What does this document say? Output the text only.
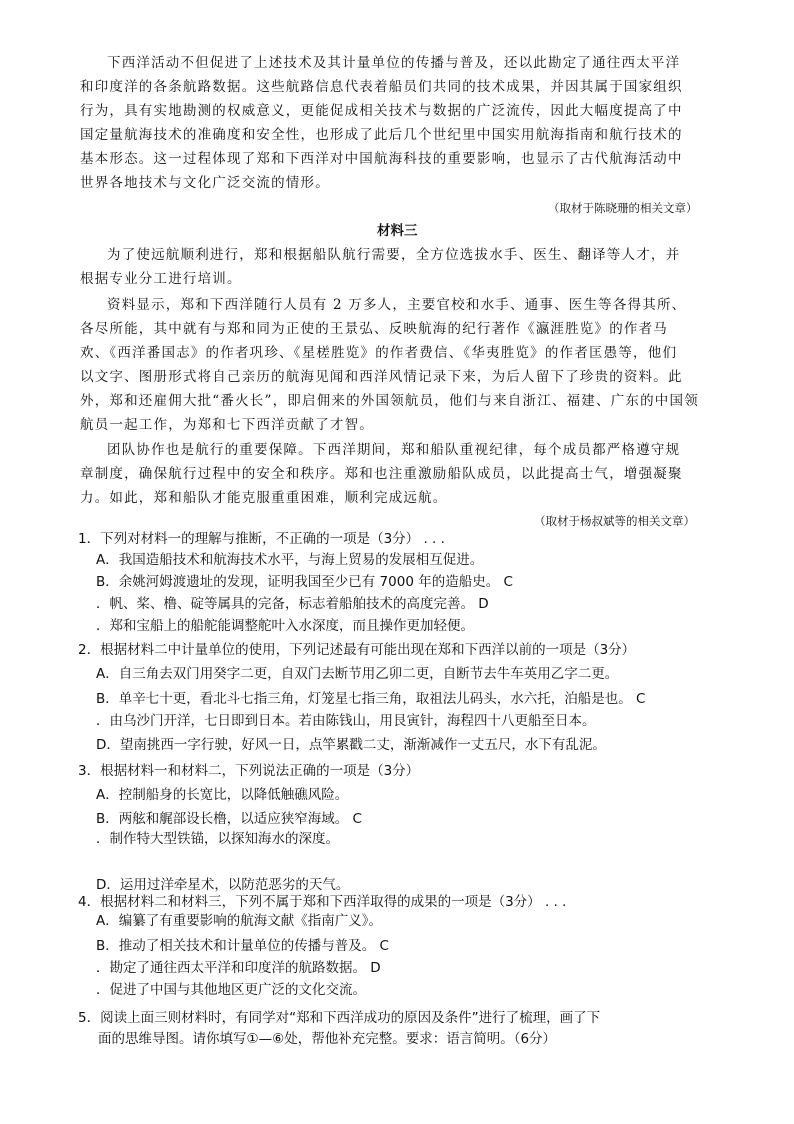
下西洋活动不但促进了上述技术及其计量单位的传播与普及，还以此勘定了通往西太平洋
和印度洋的各条航路数据。这些航路信息代表着船员们共同的技术成果，并因其属于国家组织
行为，具有实地勘测的权威意义，更能促成相关技术与数据的广泛流传，因此大幅度提高了中
国定量航海技术的准确度和安全性，也形成了此后几个世纪里中国实用航海指南和航行技术的
基本形态。这一过程体现了郑和下西洋对中国航海科技的重要影响，也显示了古代航海活动中
世界各地技术与文化广泛交流的情形。
（取材于陈晓珊的相关文章）
材料三
为了使远航顺利进行，郑和根据船队航行需要，全方位选拔水手、医生、翻译等人才，并
根据专业分工进行培训。
资料显示，郑和下西洋随行人员有 2 万多人，主要官校和水手、通事、医生等各得其所、
各尽所能，其中就有与郑和同为正使的王景弘、反映航海的纪行著作《瀛涯胜览》的作者马
欢、《西洋番国志》的作者巩珍、《星槎胜览》的作者费信、《华夷胜览》的作者匡愚等，他们
以文字、图册形式将自己亲历的航海见闻和西洋风情记录下来，为后人留下了珍贵的资料。此
外，郑和还雇佣大批“番火长”，即启佣来的外国领航员，他们与来自浙江、福建、广东的中国领
航员一起工作，为郑和七下西洋贡献了才智。
团队协作也是航行的重要保障。下西洋期间，郑和船队重视纪律，每个成员都严格遵守规
章制度，确保航行过程中的安全和秩序。郑和也注重激励船队成员，以此提高士气，增强凝聚
力。如此，郑和船队才能克服重重困难，顺利完成远航。
（取材于杨叔斌等的相关文章）
1．下列对材料一的理解与推断，不正确的一项是（3分） . . .
A．我国造船技术和航海技术水平，与海上贸易的发展相互促进。
B．余姚河姆渡遗址的发现，证明我国至少已有 7000 年的造船史。 C
．帆、桨、橹、碇等属具的完备，标志着船舶技术的高度完善。 D
．郑和宝船上的船舵能调整舵叶入水深度，而且操作更加轻便。
2．根据材料二中计量单位的使用，下列记述最有可能出现在郑和下西洋以前的一项是（3分）
A．自三角去双门用癸字二更，自双门去断节用乙卯二更，自断节去牛车英用乙字二更。
B．单辛七十更，看北斗七指三角，灯笼星七指三角，取祖法儿码头，水六托，泊船是也。 C
．由乌沙门开洋，七日即到日本。若由陈钱山，用艮寅针，海程四十八更船至日本。
D．望南挑西一字行驶，好风一日，点竿累戳二丈，渐渐减作一丈五尺，水下有乱泥。
3．根据材料一和材料二，下列说法正确的一项是（3分）
A．控制船身的长宽比，以降低触礁风险。
B．两舷和艉部设长橹，以适应狭窄海域。 C
．制作特大型铁锚，以探知海水的深度。
D．运用过洋牵星术，以防范恶劣的天气。
4．根据材料二和材料三，下列不属于郑和下西洋取得的成果的一项是（3分） . . .
A．编纂了有重要影响的航海文献《指南广义》。
B．推动了相关技术和计量单位的传播与普及。 C
．勘定了通往西太平洋和印度洋的航路数据。 D
．促进了中国与其他地区更广泛的文化交流。
5．阅读上面三则材料时，有同学对“郑和下西洋成功的原因及条件”进行了梳理，画了下
面的思维导图。请你填写①—⑥处，帮他补充完整。要求：语言简明。（6分）
